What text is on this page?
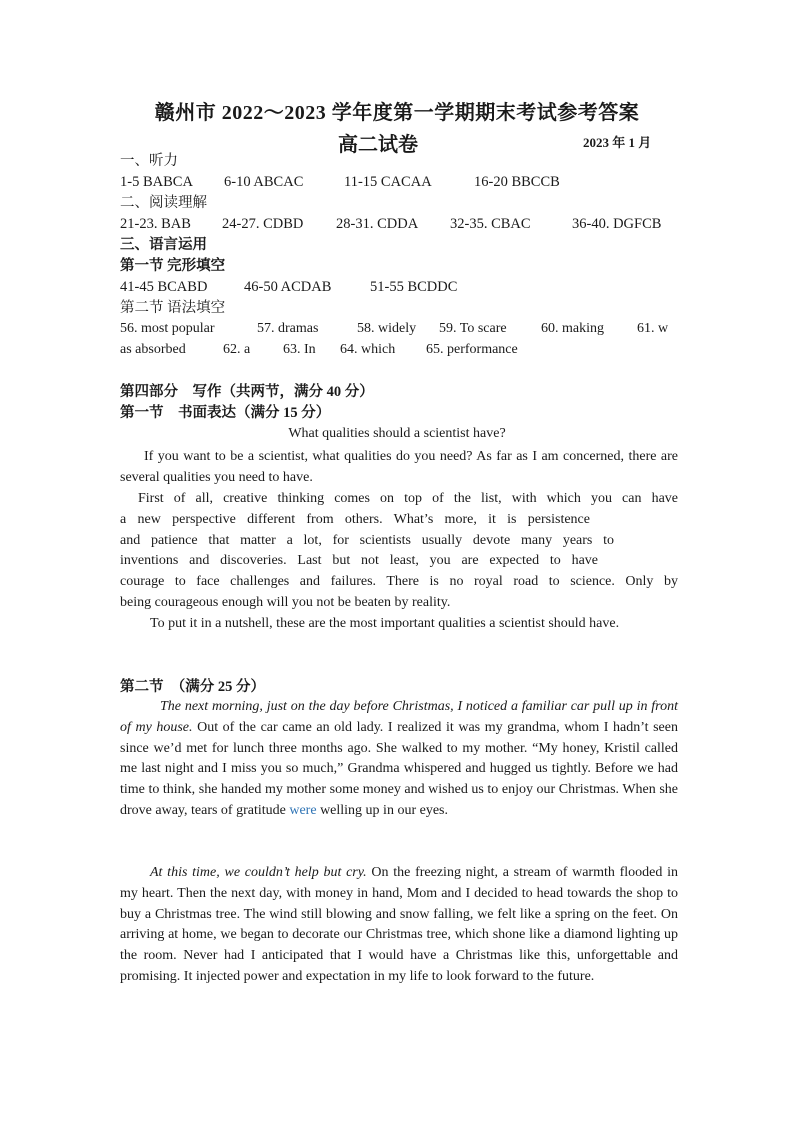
赣州市 2022～2023 学年度第一学期期末考试参考答案
高二试卷	2023 年 1 月
一、听力
1-5 BABCA 6-10 ABCAC	11-15 CACAA	16-20 BBCCB
二、阅读理解
21-23. BAB 24-27. CDBD 28-31. CDDA 32-35. CBAC	36-40. DGFCB
三、语言运用
第一节 完形填空
41-45 BCABD	46-50 ACDAB	51-55 BCDDC
第二节 语法填空
56. most popular	57. dramas	58. widely 59. To scare 60. making 61. w
as absorbed	62. a 63. In 64. which 65. performance
第四部分　写作（共两节，满分 40 分）
第一节　书面表达（满分 15 分）
What qualities should a scientist have?

If you want to be a scientist, what qualities do you need? As far as I am concerned, there are several qualities you need to have.

First of all, creative thinking comes on top of the list, with which you can have
a new perspective different from others. What’s more, it is persistence
and patience that matter a lot, for scientists usually devote many years to
inventions and discoveries. Last but not least, you are expected to have
courage to face challenges and failures. There is no royal road to science. Only by
being courageous enough will you not be beaten by reality.

To put it in a nutshell, these are the most important qualities a scientist should have.

第二节　（满分 25 分）

The next morning, just on the day before Christmas, I noticed a familiar car pull up in front of my house. Out of the car came an old lady. I realized it was my grandma, whom I hadn’t seen since we’d met for lunch three months ago. She walked to my mother. “My honey, Kristil called me last night and I miss you so much,” Grandma whispered and hugged us tightly. Before we had time to think, she handed my mother some money and wished us to enjoy our Christmas. When she drove away, tears of gratitude were welling up in our eyes.

At this time, we couldn’t help but cry. On the freezing night, a stream of warmth flooded in my heart. Then the next day, with money in hand, Mom and I decided to head towards the shop to buy a Christmas tree. The wind still blowing and snow falling, we felt like a spring on the feet. On arriving at home, we began to decorate our Christmas tree, which shone like a diamond lighting up the room. Never had I anticipated that I would have a Christmas like this, unforgettable and promising. It injected power and expectation in my life to look forward to the future.
